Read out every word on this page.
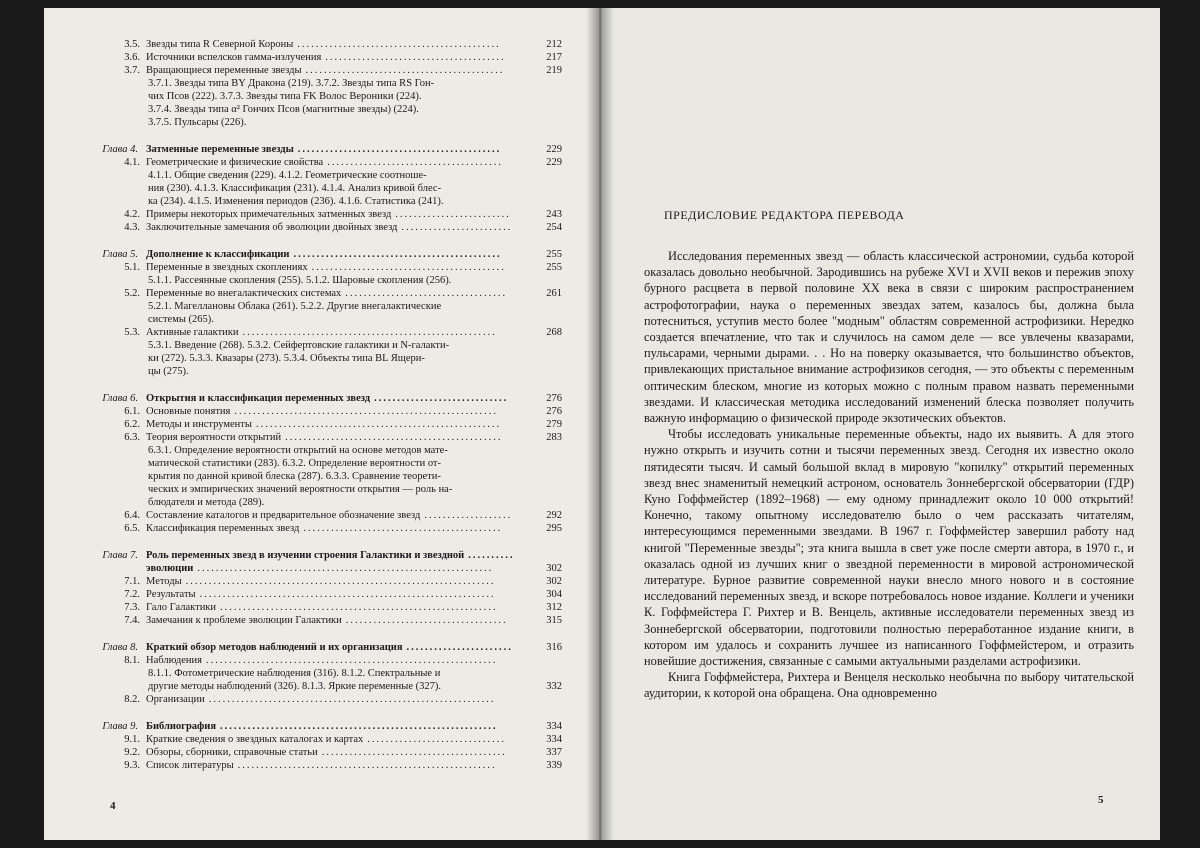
3.5. Звезды типа R Северной Короны ............................................	212
3.6. Источники вспелсков гамма-излучения .......................................	217
3.7. Вращающиеся переменные звезды ...........................................	219
3.7.1. Звезды типа BY Дракона (219). 3.7.2. Звезды типа RS Гон-
чих Псов (222). 3.7.3. Звезды типа FK Волос Вероники (224).
3.7.4. Звезды типа α² Гончих Псов (магнитные звезды) (224).
3.7.5. Пульсары (226).
Глава 4. Затменные переменные звезды ............................................	229
4.1. Геометрические и физические свойства ......................................	229
4.1.1. Общие сведения (229). 4.1.2. Геометрические соотноше-
ния (230). 4.1.3. Классификация (231). 4.1.4. Анализ кривой блес-
ка (234). 4.1.5. Изменения периодов (236). 4.1.6. Статистика (241).
4.2. Примеры некоторых примечательных затменных звезд .........................	243
4.3. Заключительные замечания об эволюции двойных звезд ........................	254
Глава 5. Дополнение к классификации .............................................	255
5.1. Переменные в звездных скоплениях ..........................................	255
5.1.1. Рассеянные скопления (255). 5.1.2. Шаровые скопления (256).
5.2. Переменные во внегалактических системах ...................................	261
5.2.1. Магеллановы Облака (261). 5.2.2. Другие внегалактические
системы (265).
5.3. Активные галактики .......................................................	268
5.3.1. Введение (268). 5.3.2. Сейфертовские галактики и N-галакти-
ки (272). 5.3.3. Квазары (273). 5.3.4. Объекты типа BL Ящери-
цы (275).
Глава 6. Открытия и классификация переменных звезд .............................	276
6.1. Основные понятия .........................................................	276
6.2. Методы и инструменты .....................................................	279
6.3. Теория вероятности открытий ...............................................	283
6.3.1. Определение вероятности открытий на основе методов мате-
матической статистики (283). 6.3.2. Определение вероятности от-
крытия по данной кривой блеска (287). 6.3.3. Сравнение теорети-
ческих и эмпирических значений вероятности открытия — роль на-
блюдателя и метода (289).
6.4. Составление каталогов и предварительное обозначение звезд ...................	292
6.5. Классификация переменных звезд ...........................................	295
Глава 7. Роль переменных звезд в изучении строения Галактики и звездной ..........
эволюции ................................................................	302
7.1. Методы ...................................................................	302
7.2. Результаты ................................................................	304
7.3. Гало Галактики ............................................................	312
7.4. Замечания к проблеме эволюции Галактики ...................................	315
Глава 8. Краткий обзор методов наблюдений и их организация .......................	316
8.1. Наблюдения ...............................................................
8.1.1. Фотометрические наблюдения (316). 8.1.2. Спектральные и
другие методы наблюдений (326). 8.1.3. Яркие переменные (327).	332
8.2. Организации ..............................................................
Глава 9. Библиография ............................................................	334
9.1. Краткие сведения о звездных каталогах и картах ..............................	334
9.2. Обзоры, сборники, справочные статьи ........................................	337
9.3. Список литературы ........................................................	339
4
ПРЕДИСЛОВИЕ РЕДАКТОРА ПЕРЕВОДА

Исследования переменных звезд — область классической астрономии, судьба которой оказалась довольно необычной. Зародившись на рубеже XVI и XVII веков и пережив эпоху бурного расцвета в первой половине XX века в связи с широким распространением астрофотографии, наука о переменных звездах затем, казалось бы, должна была потесниться, уступив место более "модным" областям современной астрофизики. Нередко создается впечатление, что так и случилось на самом деле — все увлечены квазарами, пульсарами, черными дырами. . . Но на поверку оказывается, что большинство объектов, привлекающих пристальное внимание астрофизиков сегодня, — это объекты с переменным оптическим блеском, многие из которых можно с полным правом назвать переменными звездами. И классическая методика исследований изменений блеска позволяет получить важную информацию о физической природе экзотических объектов.

Чтобы исследовать уникальные переменные объекты, надо их выявить. А для этого нужно открыть и изучить сотни и тысячи переменных звезд. Сегодня их известно около пятидесяти тысяч. И самый большой вклад в мировую "копилку" открытий переменных звезд внес знаменитый немецкий астроном, основатель Зоннебергской обсерватории (ГДР) Куно Гоффмейстер (1892–1968) — ему одному принадлежит около 10 000 открытий! Конечно, такому опытному исследователю было о чем рассказать читателям, интересующимся переменными звездами. В 1967 г. Гоффмейстер завершил работу над книгой "Переменные звезды"; эта книга вышла в свет уже после смерти автора, в 1970 г., и оказалась одной из лучших книг о звездной переменности в мировой астрономической литературе. Бурное развитие современной науки внесло много нового и в состояние исследований переменных звезд, и вскоре потребовалось новое издание. Коллеги и ученики К. Гоффмейстера Г. Рихтер и В. Венцель, активные исследователи переменных звезд из Зоннебергской обсерватории, подготовили полностью переработанное издание книги, в котором им удалось и сохранить лучшее из написанного Гоффмейстером, и отразить новейшие достижения, связанные с самыми актуальными разделами астрофизики.

Книга Гоффмейстера, Рихтера и Венцеля несколько необычна по выбору читательской аудитории, к которой она обращена. Она одновременно

5
